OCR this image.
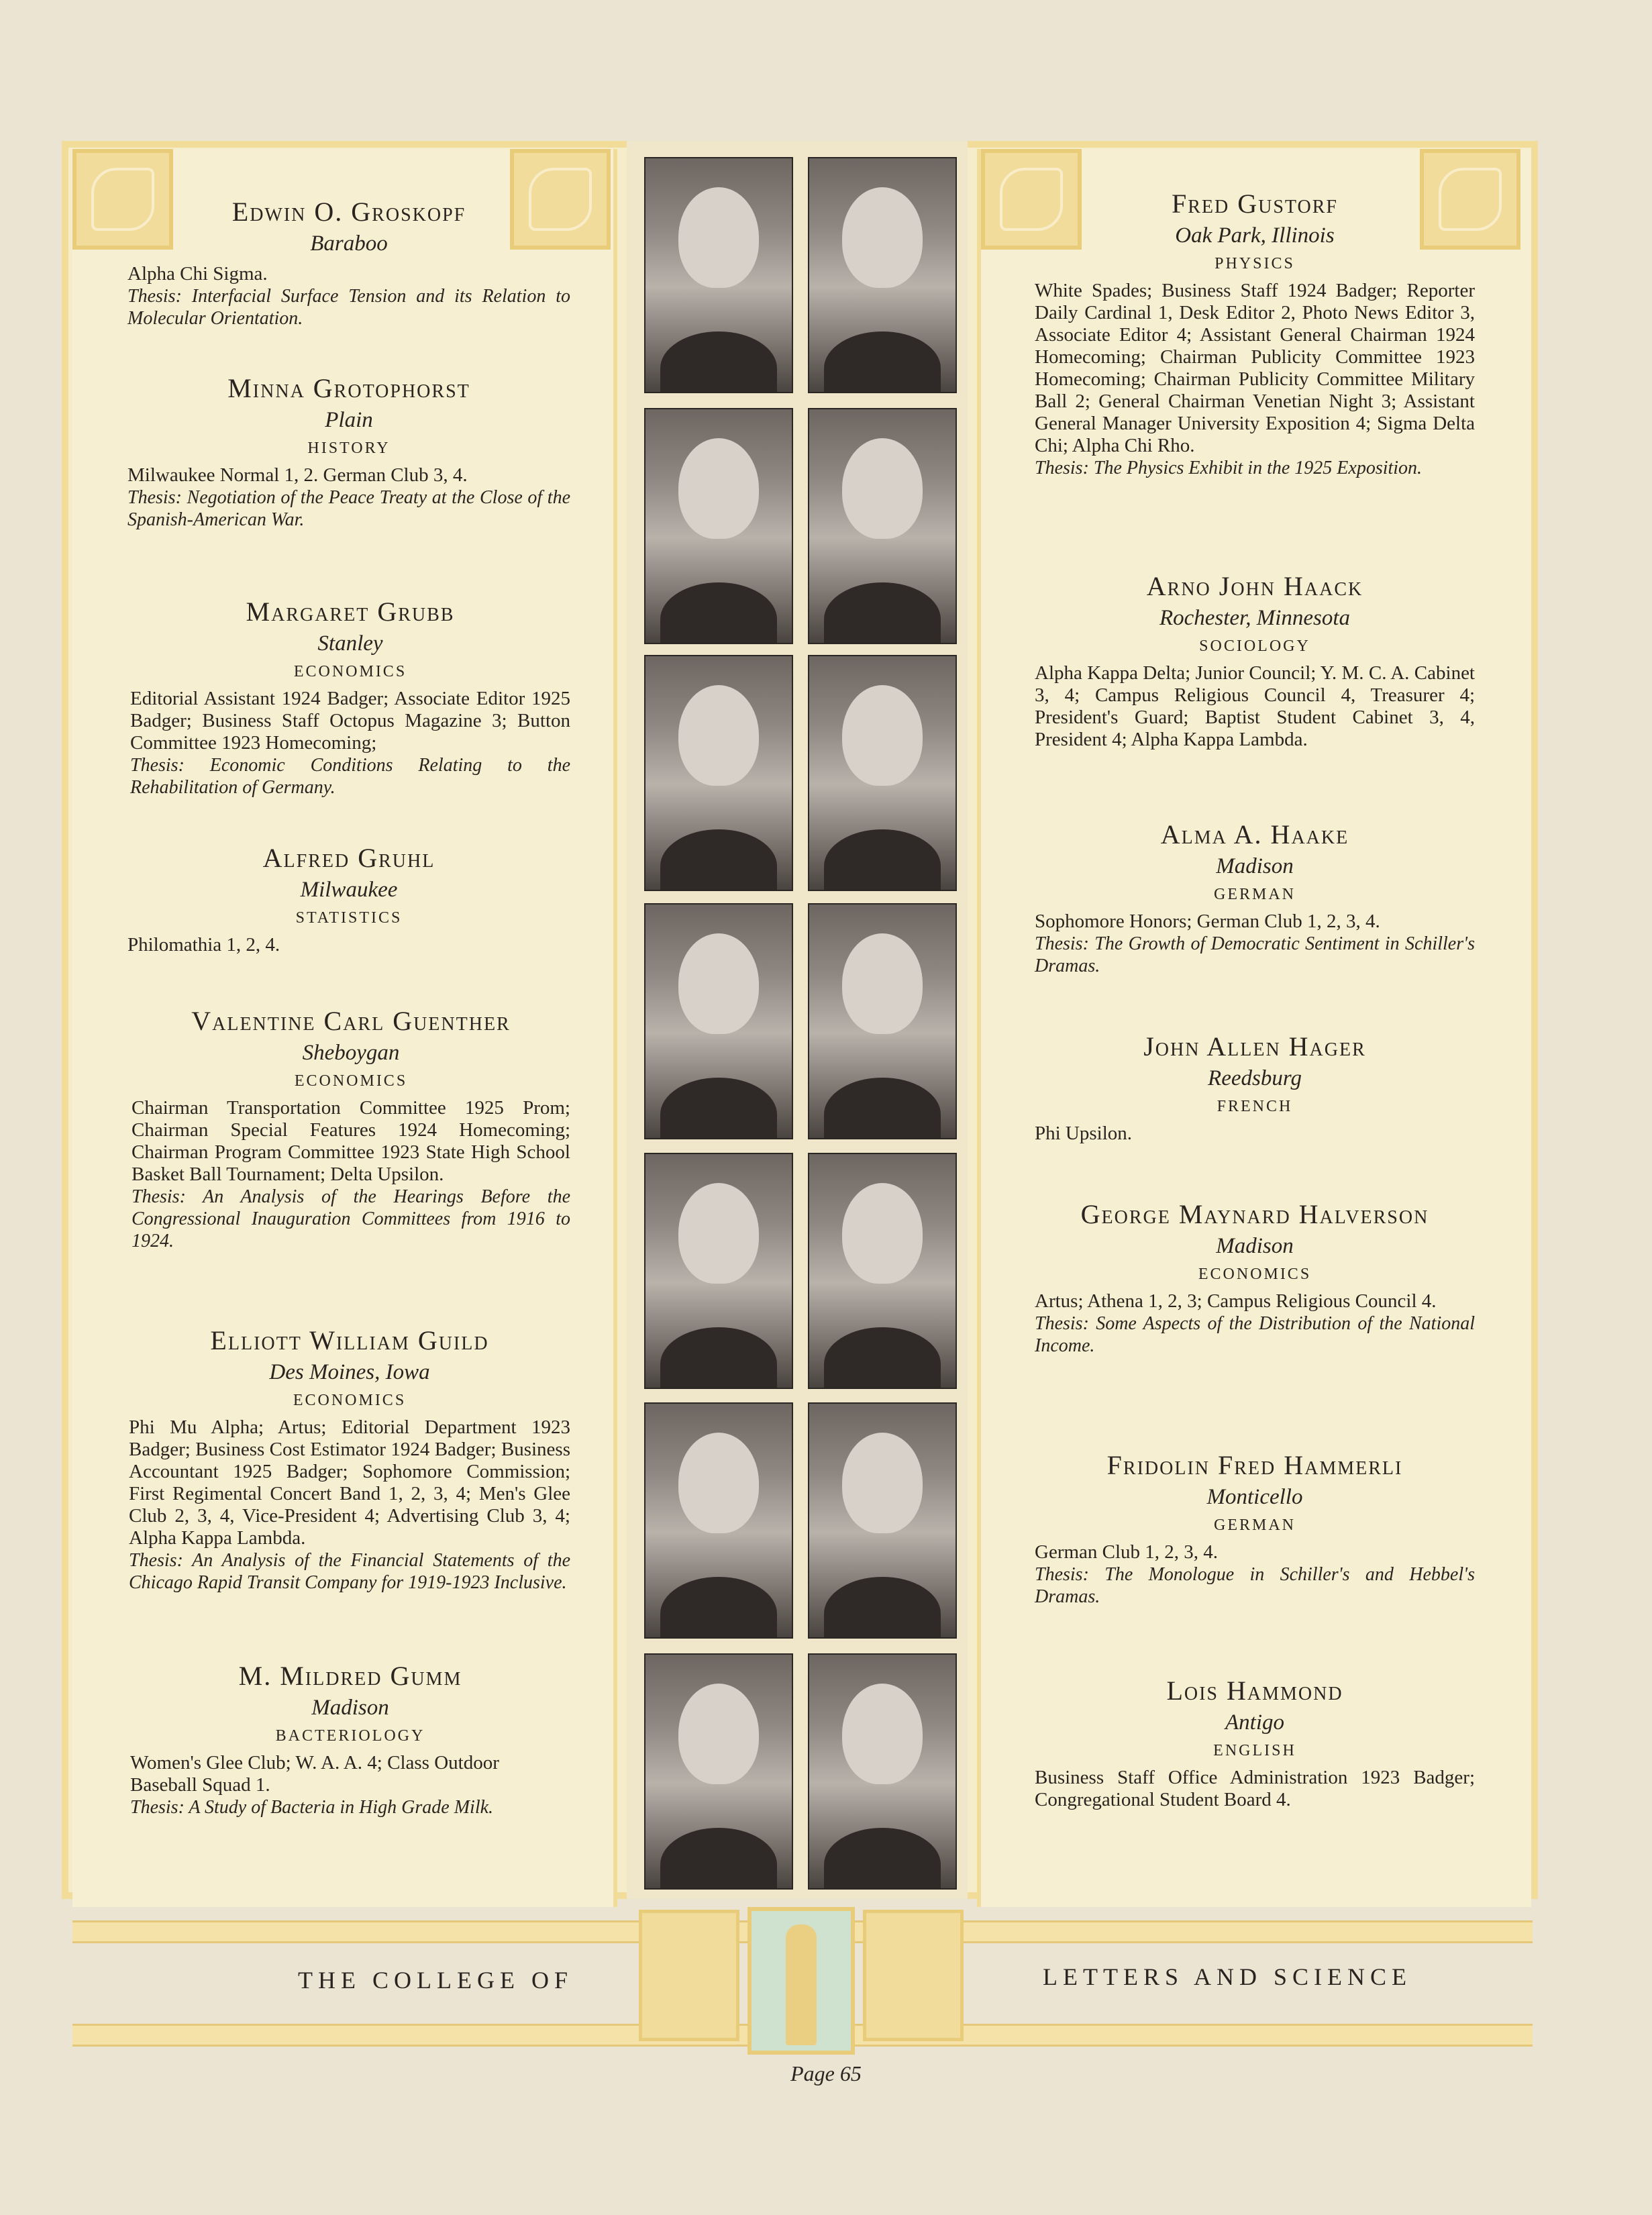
Edwin O. Groskopf
Baraboo

Alpha Chi Sigma.

Thesis: Interfacial Surface Tension and its Relation to Molecular Orientation.

Minna Grotophorst
Plain
HISTORY

Milwaukee Normal 1, 2. German Club 3, 4.

Thesis: Negotiation of the Peace Treaty at the Close of the Spanish-American War.

Margaret Grubb
Stanley
ECONOMICS

Editorial Assistant 1924 Badger; Associate Editor 1925 Badger; Business Staff Octopus Magazine 3; Button Committee 1923 Homecoming;

Thesis: Economic Conditions Relating to the Rehabilitation of Germany.

Alfred Gruhl
Milwaukee
STATISTICS

Philomathia 1, 2, 4.

Valentine Carl Guenther
Sheboygan
ECONOMICS

Chairman Transportation Committee 1925 Prom; Chairman Special Features 1924 Homecoming; Chairman Program Committee 1923 State High School Basket Ball Tournament; Delta Upsilon.

Thesis: An Analysis of the Hearings Before the Congressional Inauguration Committees from 1916 to 1924.

Elliott William Guild
Des Moines, Iowa
ECONOMICS

Phi Mu Alpha; Artus; Editorial Department 1923 Badger; Business Cost Estimator 1924 Badger; Business Accountant 1925 Badger; Sophomore Commission; First Regimental Concert Band 1, 2, 3, 4; Men's Glee Club 2, 3, 4, Vice-President 4; Advertising Club 3, 4; Alpha Kappa Lambda.

Thesis: An Analysis of the Financial Statements of the Chicago Rapid Transit Company for 1919-1923 Inclusive.

M. Mildred Gumm
Madison
BACTERIOLOGY

Women's Glee Club; W. A. A. 4; Class Outdoor Baseball Squad 1.

Thesis: A Study of Bacteria in High Grade Milk.

Fred Gustorf
Oak Park, Illinois
PHYSICS

White Spades; Business Staff 1924 Badger; Reporter Daily Cardinal 1, Desk Editor 2, Photo News Editor 3, Associate Editor 4; Assistant General Chairman 1924 Homecoming; Chairman Publicity Committee 1923 Homecoming; Chairman Publicity Committee Military Ball 2; General Chairman Venetian Night 3; Assistant General Manager University Exposition 4; Sigma Delta Chi; Alpha Chi Rho.

Thesis: The Physics Exhibit in the 1925 Exposition.

Arno John Haack
Rochester, Minnesota
SOCIOLOGY

Alpha Kappa Delta; Junior Council; Y. M. C. A. Cabinet 3, 4; Campus Religious Council 4, Treasurer 4; President's Guard; Baptist Student Cabinet 3, 4, President 4; Alpha Kappa Lambda.

Alma A. Haake
Madison
GERMAN

Sophomore Honors; German Club 1, 2, 3, 4.

Thesis: The Growth of Democratic Sentiment in Schiller's Dramas.

John Allen Hager
Reedsburg
FRENCH

Phi Upsilon.

George Maynard Halverson
Madison
ECONOMICS

Artus; Athena 1, 2, 3; Campus Religious Council 4.

Thesis: Some Aspects of the Distribution of the National Income.

Fridolin Fred Hammerli
Monticello
GERMAN

German Club 1, 2, 3, 4.

Thesis: The Monologue in Schiller's and Hebbel's Dramas.

Lois Hammond
Antigo
ENGLISH

Business Staff Office Administration 1923 Badger; Congregational Student Board 4.

THE COLLEGE OF	LETTERS AND SCIENCE
Page 65
